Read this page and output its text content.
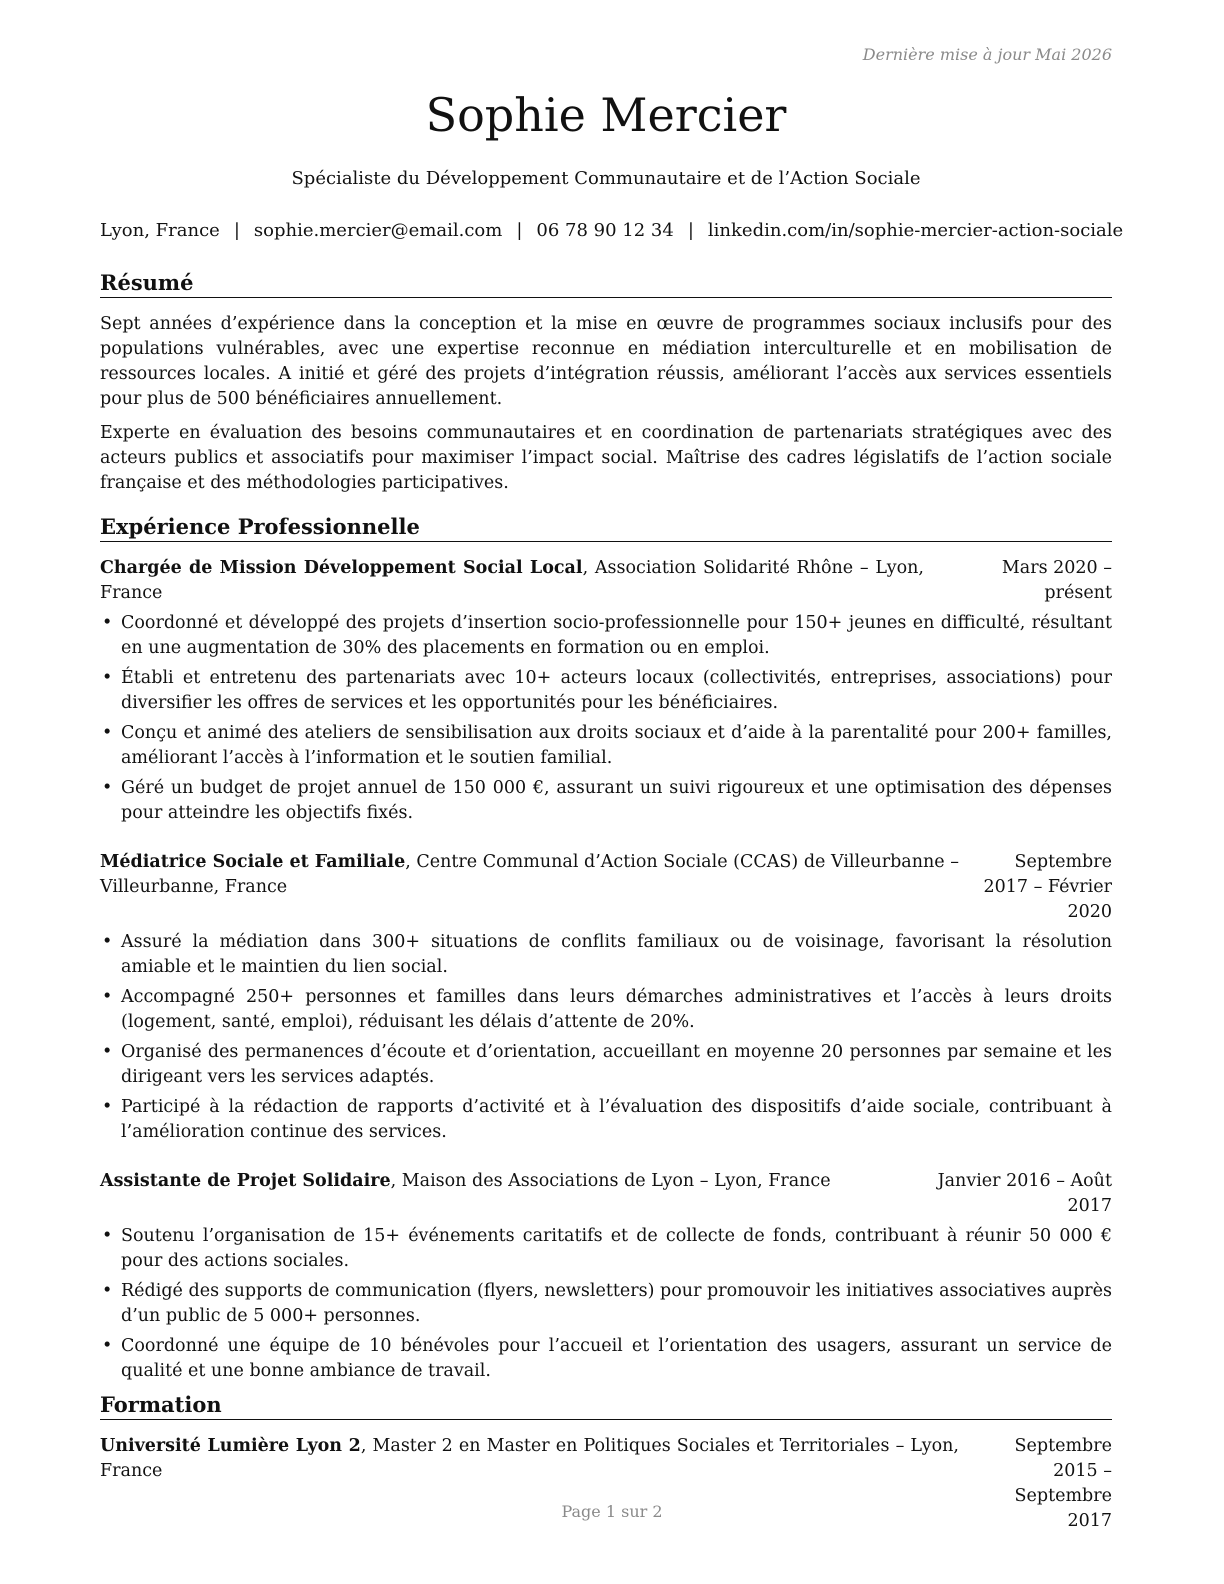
Dernière mise à jour Mai 2026
Sophie Mercier
Spécialiste du Développement Communautaire et de l’Action Sociale
Lyon, France | sophie.mercier@email.com | 06 78 90 12 34 | linkedin.com/in/sophie-mercier-action-sociale
Résumé

Sept années d’expérience dans la conception et la mise en œuvre de programmes sociaux inclusifs pour des populations vulnérables, avec une expertise reconnue en médiation interculturelle et en mobilisation de ressources locales. A initié et géré des projets d’intégration réussis, améliorant l’accès aux services essentiels pour plus de 500 bénéficiaires annuellement.

Experte en évaluation des besoins communautaires et en coordination de partenariats stratégiques avec des acteurs publics et associatifs pour maximiser l’impact social. Maîtrise des cadres législatifs de l’action sociale française et des méthodologies participatives.

Expérience Professionnelle
Chargée de Mission Développement Social Local, Association Solidarité Rhône – Lyon, France
Mars 2020 – présent
• Coordonné et développé des projets d’insertion socio-professionnelle pour 150+ jeunes en difficulté, résultant en une augmentation de 30% des placements en formation ou en emploi.
• Établi et entretenu des partenariats avec 10+ acteurs locaux (collectivités, entreprises, associations) pour diversifier les offres de services et les opportunités pour les bénéficiaires.
• Conçu et animé des ateliers de sensibilisation aux droits sociaux et d’aide à la parentalité pour 200+ familles, améliorant l’accès à l’information et le soutien familial.
• Géré un budget de projet annuel de 150 000 €, assurant un suivi rigoureux et une optimisation des dépenses pour atteindre les objectifs fixés.
Médiatrice Sociale et Familiale, Centre Communal d’Action Sociale (CCAS) de Villeurbanne – Villeurbanne, France
Septembre 2017 – Février 2020
• Assuré la médiation dans 300+ situations de conflits familiaux ou de voisinage, favorisant la résolution amiable et le maintien du lien social.
• Accompagné 250+ personnes et familles dans leurs démarches administratives et l’accès à leurs droits (logement, santé, emploi), réduisant les délais d’attente de 20%.
• Organisé des permanences d’écoute et d’orientation, accueillant en moyenne 20 personnes par semaine et les dirigeant vers les services adaptés.
• Participé à la rédaction de rapports d’activité et à l’évaluation des dispositifs d’aide sociale, contribuant à l’amélioration continue des services.
Assistante de Projet Solidaire, Maison des Associations de Lyon – Lyon, France	Janvier 2016 – Août 2017
• Soutenu l’organisation de 15+ événements caritatifs et de collecte de fonds, contribuant à réunir 50 000 € pour des actions sociales.
• Rédigé des supports de communication (flyers, newsletters) pour promouvoir les initiatives associatives auprès d’un public de 5 000+ personnes.
• Coordonné une équipe de 10 bénévoles pour l’accueil et l’orientation des usagers, assurant un service de qualité et une bonne ambiance de travail.
Formation
Université Lumière Lyon 2, Master 2 en Master en Politiques Sociales et Territoriales – Lyon, France
Septembre 2015 – Septembre 2017
Page 1 sur 2
